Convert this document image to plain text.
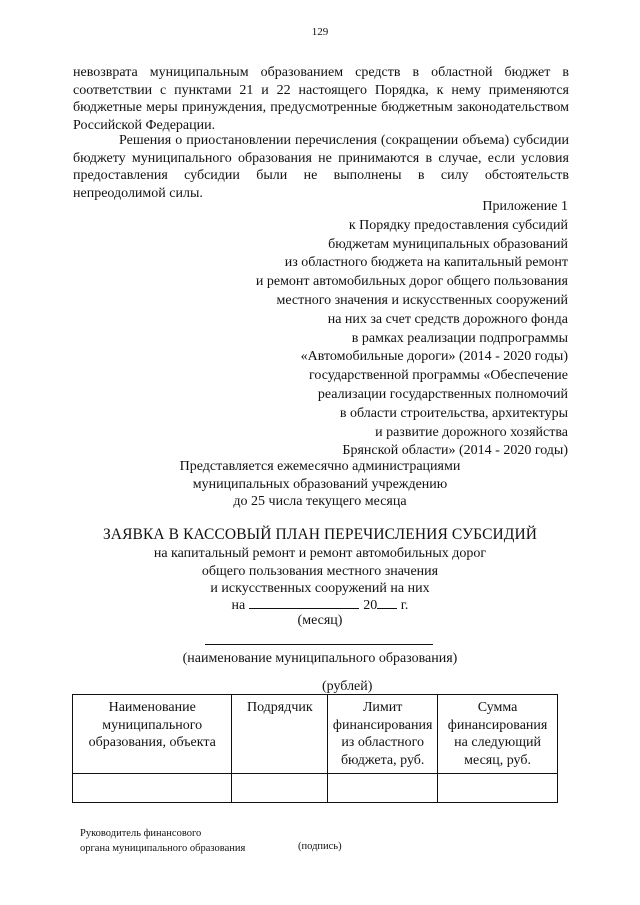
129

невозврата муниципальным образованием средств в областной бюджет в соответствии с пунктами 21 и 22 настоящего Порядка, к нему применяются бюджетные меры принуждения, предусмотренные бюджетным законодательством Российской Федерации.

Решения о приостановлении перечисления (сокращении объема) субсидии бюджету муниципального образования не принимаются в случае, если условия предоставления субсидии были не выполнены в силу обстоятельств непреодолимой силы.

Приложение 1
к Порядку предоставления субсидий
бюджетам муниципальных образований
из областного бюджета на капитальный ремонт
и ремонт автомобильных дорог общего пользования
местного значения и искусственных сооружений
на них за счет средств дорожного фонда
в рамках реализации подпрограммы
«Автомобильные дороги» (2014 - 2020 годы)
государственной программы «Обеспечение
реализации государственных полномочий
в области строительства, архитектуры
и развитие дорожного хозяйства
Брянской области» (2014 - 2020 годы)
Представляется ежемесячно администрациями
муниципальных образований учреждению
до 25 числа текущего месяца
ЗАЯВКА В КАССОВЫЙ ПЛАН ПЕРЕЧИСЛЕНИЯ СУБСИДИЙ
на капитальный ремонт и ремонт автомобильных дорог
общего пользования местного значения
и искусственных сооружений на них
на	20 г.
(месяц)
(наименование муниципального образования)
(рублей)
Наименование муниципального образования, объекта	Подрядчик	Лимит финансирования из областного бюджета, руб.	Сумма финансирования на следующий месяц, руб.

Руководитель финансового
органа муниципального образования	(подпись)
